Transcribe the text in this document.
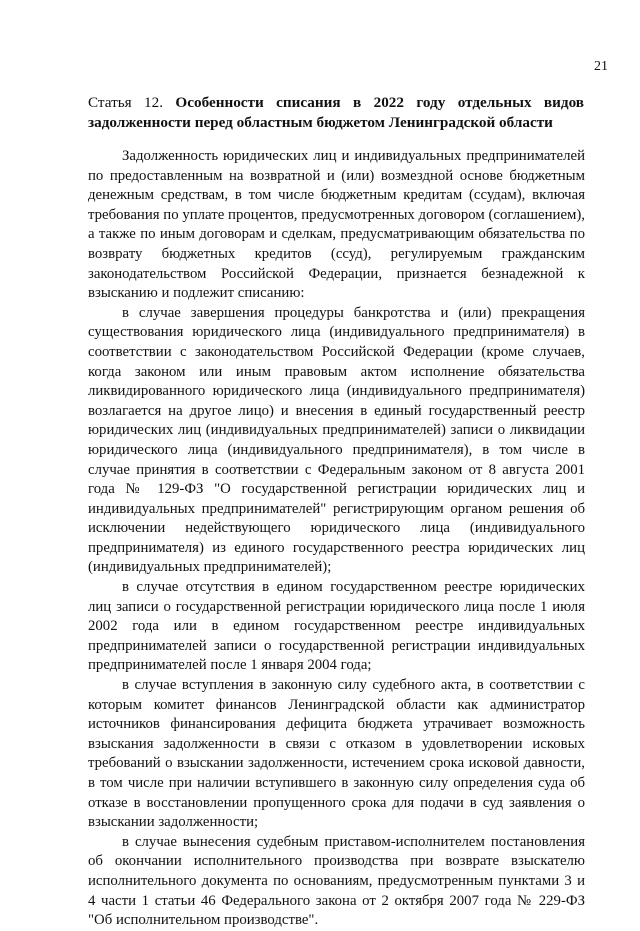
21
Статья 12. Особенности списания в 2022 году отдельных видов задолженности перед областным бюджетом Ленинградской области

Задолженность юридических лиц и индивидуальных предпринимателей по предоставленным на возвратной и (или) возмездной основе бюджетным денежным средствам, в том числе бюджетным кредитам (ссудам), включая требования по уплате процентов, предусмотренных договором (соглашением), а также по иным договорам и сделкам, предусматривающим обязательства по возврату бюджетных кредитов (ссуд), регулируемым гражданским законодательством Российской Федерации, признается безнадежной к взысканию и подлежит списанию:

в случае завершения процедуры банкротства и (или) прекращения существования юридического лица (индивидуального предпринимателя) в соответствии с законодательством Российской Федерации (кроме случаев, когда законом или иным правовым актом исполнение обязательства ликвидированного юридического лица (индивидуального предпринимателя) возлагается на другое лицо) и внесения в единый государственный реестр юридических лиц (индивидуальных предпринимателей) записи о ликвидации юридического лица (индивидуального предпринимателя), в том числе в случае принятия в соответствии с Федеральным законом от 8 августа 2001 года № 129-ФЗ "О государственной регистрации юридических лиц и индивидуальных предпринимателей" регистрирующим органом решения об исключении недействующего юридического лица (индивидуального предпринимателя) из единого государственного реестра юридических лиц (индивидуальных предпринимателей);

в случае отсутствия в едином государственном реестре юридических лиц записи о государственной регистрации юридического лица после 1 июля 2002 года или в едином государственном реестре индивидуальных предпринимателей записи о государственной регистрации индивидуальных предпринимателей после 1 января 2004 года;

в случае вступления в законную силу судебного акта, в соответствии с которым комитет финансов Ленинградской области как администратор источников финансирования дефицита бюджета утрачивает возможность взыскания задолженности в связи с отказом в удовлетворении исковых требований о взыскании задолженности, истечением срока исковой давности, в том числе при наличии вступившего в законную силу определения суда об отказе в восстановлении пропущенного срока для подачи в суд заявления о взыскании задолженности;

в случае вынесения судебным приставом-исполнителем постановления об окончании исполнительного производства при возврате взыскателю исполнительного документа по основаниям, предусмотренным пунктами 3 и 4 части 1 статьи 46 Федерального закона от 2 октября 2007 года № 229-ФЗ "Об исполнительном производстве".
